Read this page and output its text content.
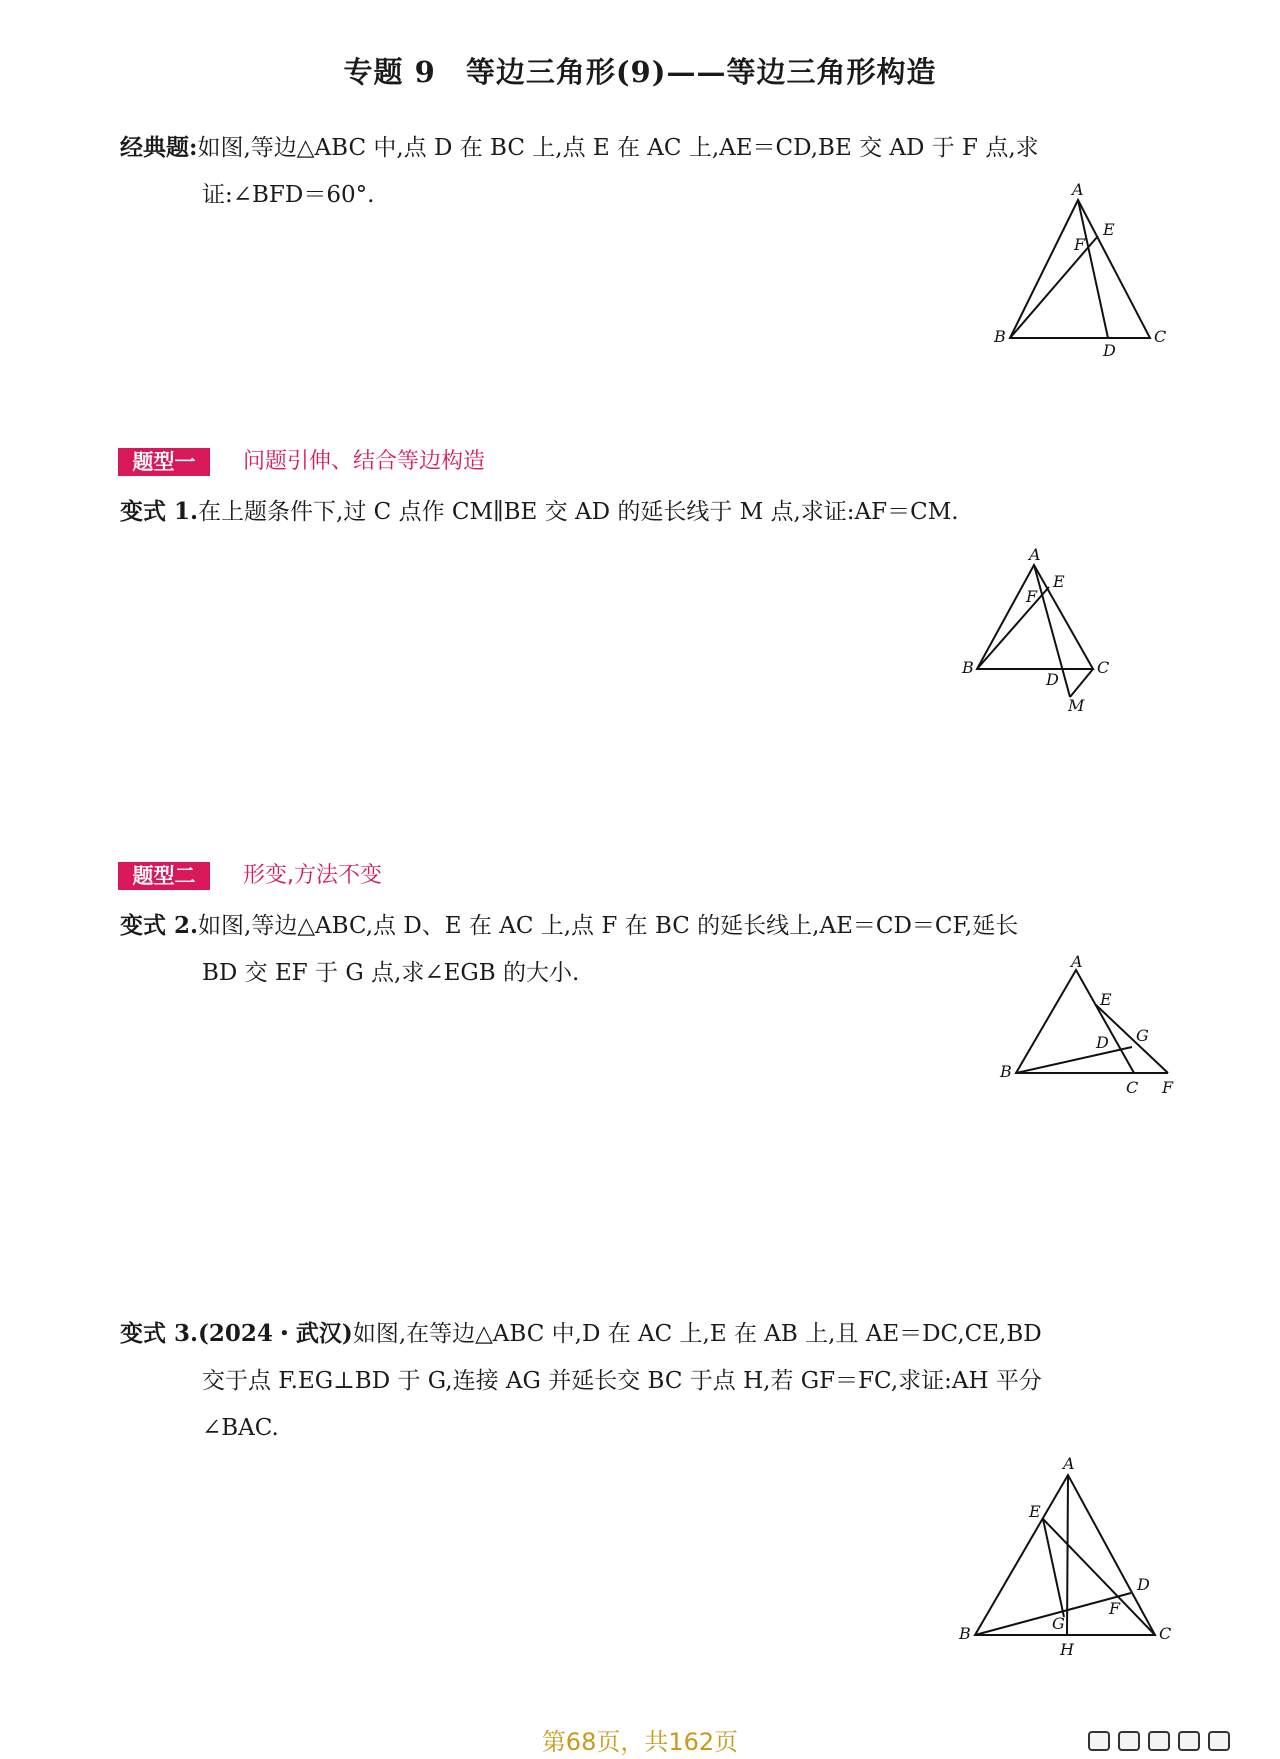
专题 9　等边三角形(9)——等边三角形构造
经典题:如图,等边△ABC 中,点 D 在 BC 上,点 E 在 AC 上,AE＝CD,BE 交 AD 于 F 点,求
证:∠BFD＝60°.	A
B	C
D
E
F
题型一	问题引伸、结合等边构造
变式 1.在上题条件下,过 C 点作 CM∥BE 交 AD 的延长线于 M 点,求证:AF＝CM.
A
B	C
D
E
F
M
题型二	形变,方法不变
变式 2.如图,等边△ABC,点 D、E 在 AC 上,点 F 在 BC 的延长线上,AE＝CD＝CF,延长
BD 交 EF 于 G 点,求∠EGB 的大小.	A
B
C
D
E
F
G
变式 3.(2024・武汉)如图,在等边△ABC 中,D 在 AC 上,E 在 AB 上,且 AE＝DC,CE,BD
交于点 F.EG⊥BD 于 G,连接 AG 并延长交 BC 于点 H,若 GF＝FC,求证:AH 平分
∠BAC.
A
B	C
D
E
F
G
H
第68页，共162页
